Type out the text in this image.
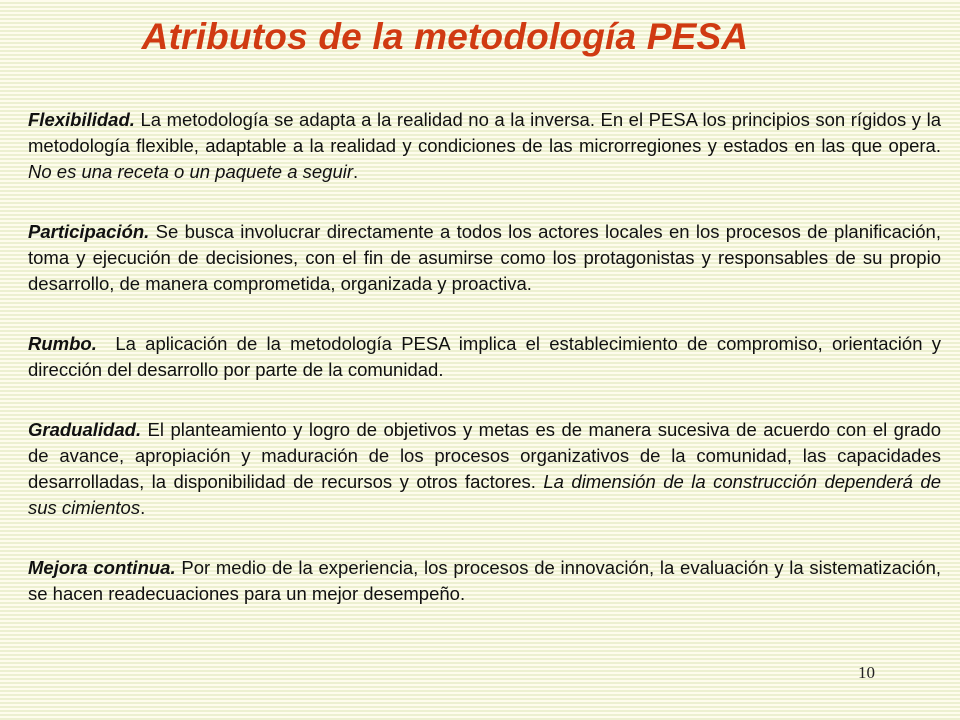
Atributos de la metodología PESA

Flexibilidad. La metodología se adapta a la realidad no a la inversa. En el PESA los principios son rígidos y la metodología flexible, adaptable a la realidad y condiciones de las microrregiones y estados en las que opera. No es una receta o un paquete a seguir.

Participación. Se busca involucrar directamente a todos los actores locales en los procesos de planificación, toma y ejecución de decisiones, con el fin de asumirse como los protagonistas y responsables de su propio desarrollo, de manera comprometida, organizada y proactiva.

Rumbo.  La aplicación de la metodología PESA implica el establecimiento de compromiso, orientación y dirección del desarrollo por parte de la comunidad.

Gradualidad. El planteamiento y logro de objetivos y metas es de manera sucesiva de acuerdo con el grado de avance, apropiación y maduración de los procesos organizativos de la comunidad, las capacidades desarrolladas, la disponibilidad de recursos y otros factores. La dimensión de la construcción dependerá de sus cimientos.

Mejora continua. Por medio de la experiencia, los procesos de innovación, la evaluación y la sistematización, se hacen readecuaciones para un mejor desempeño.

10
